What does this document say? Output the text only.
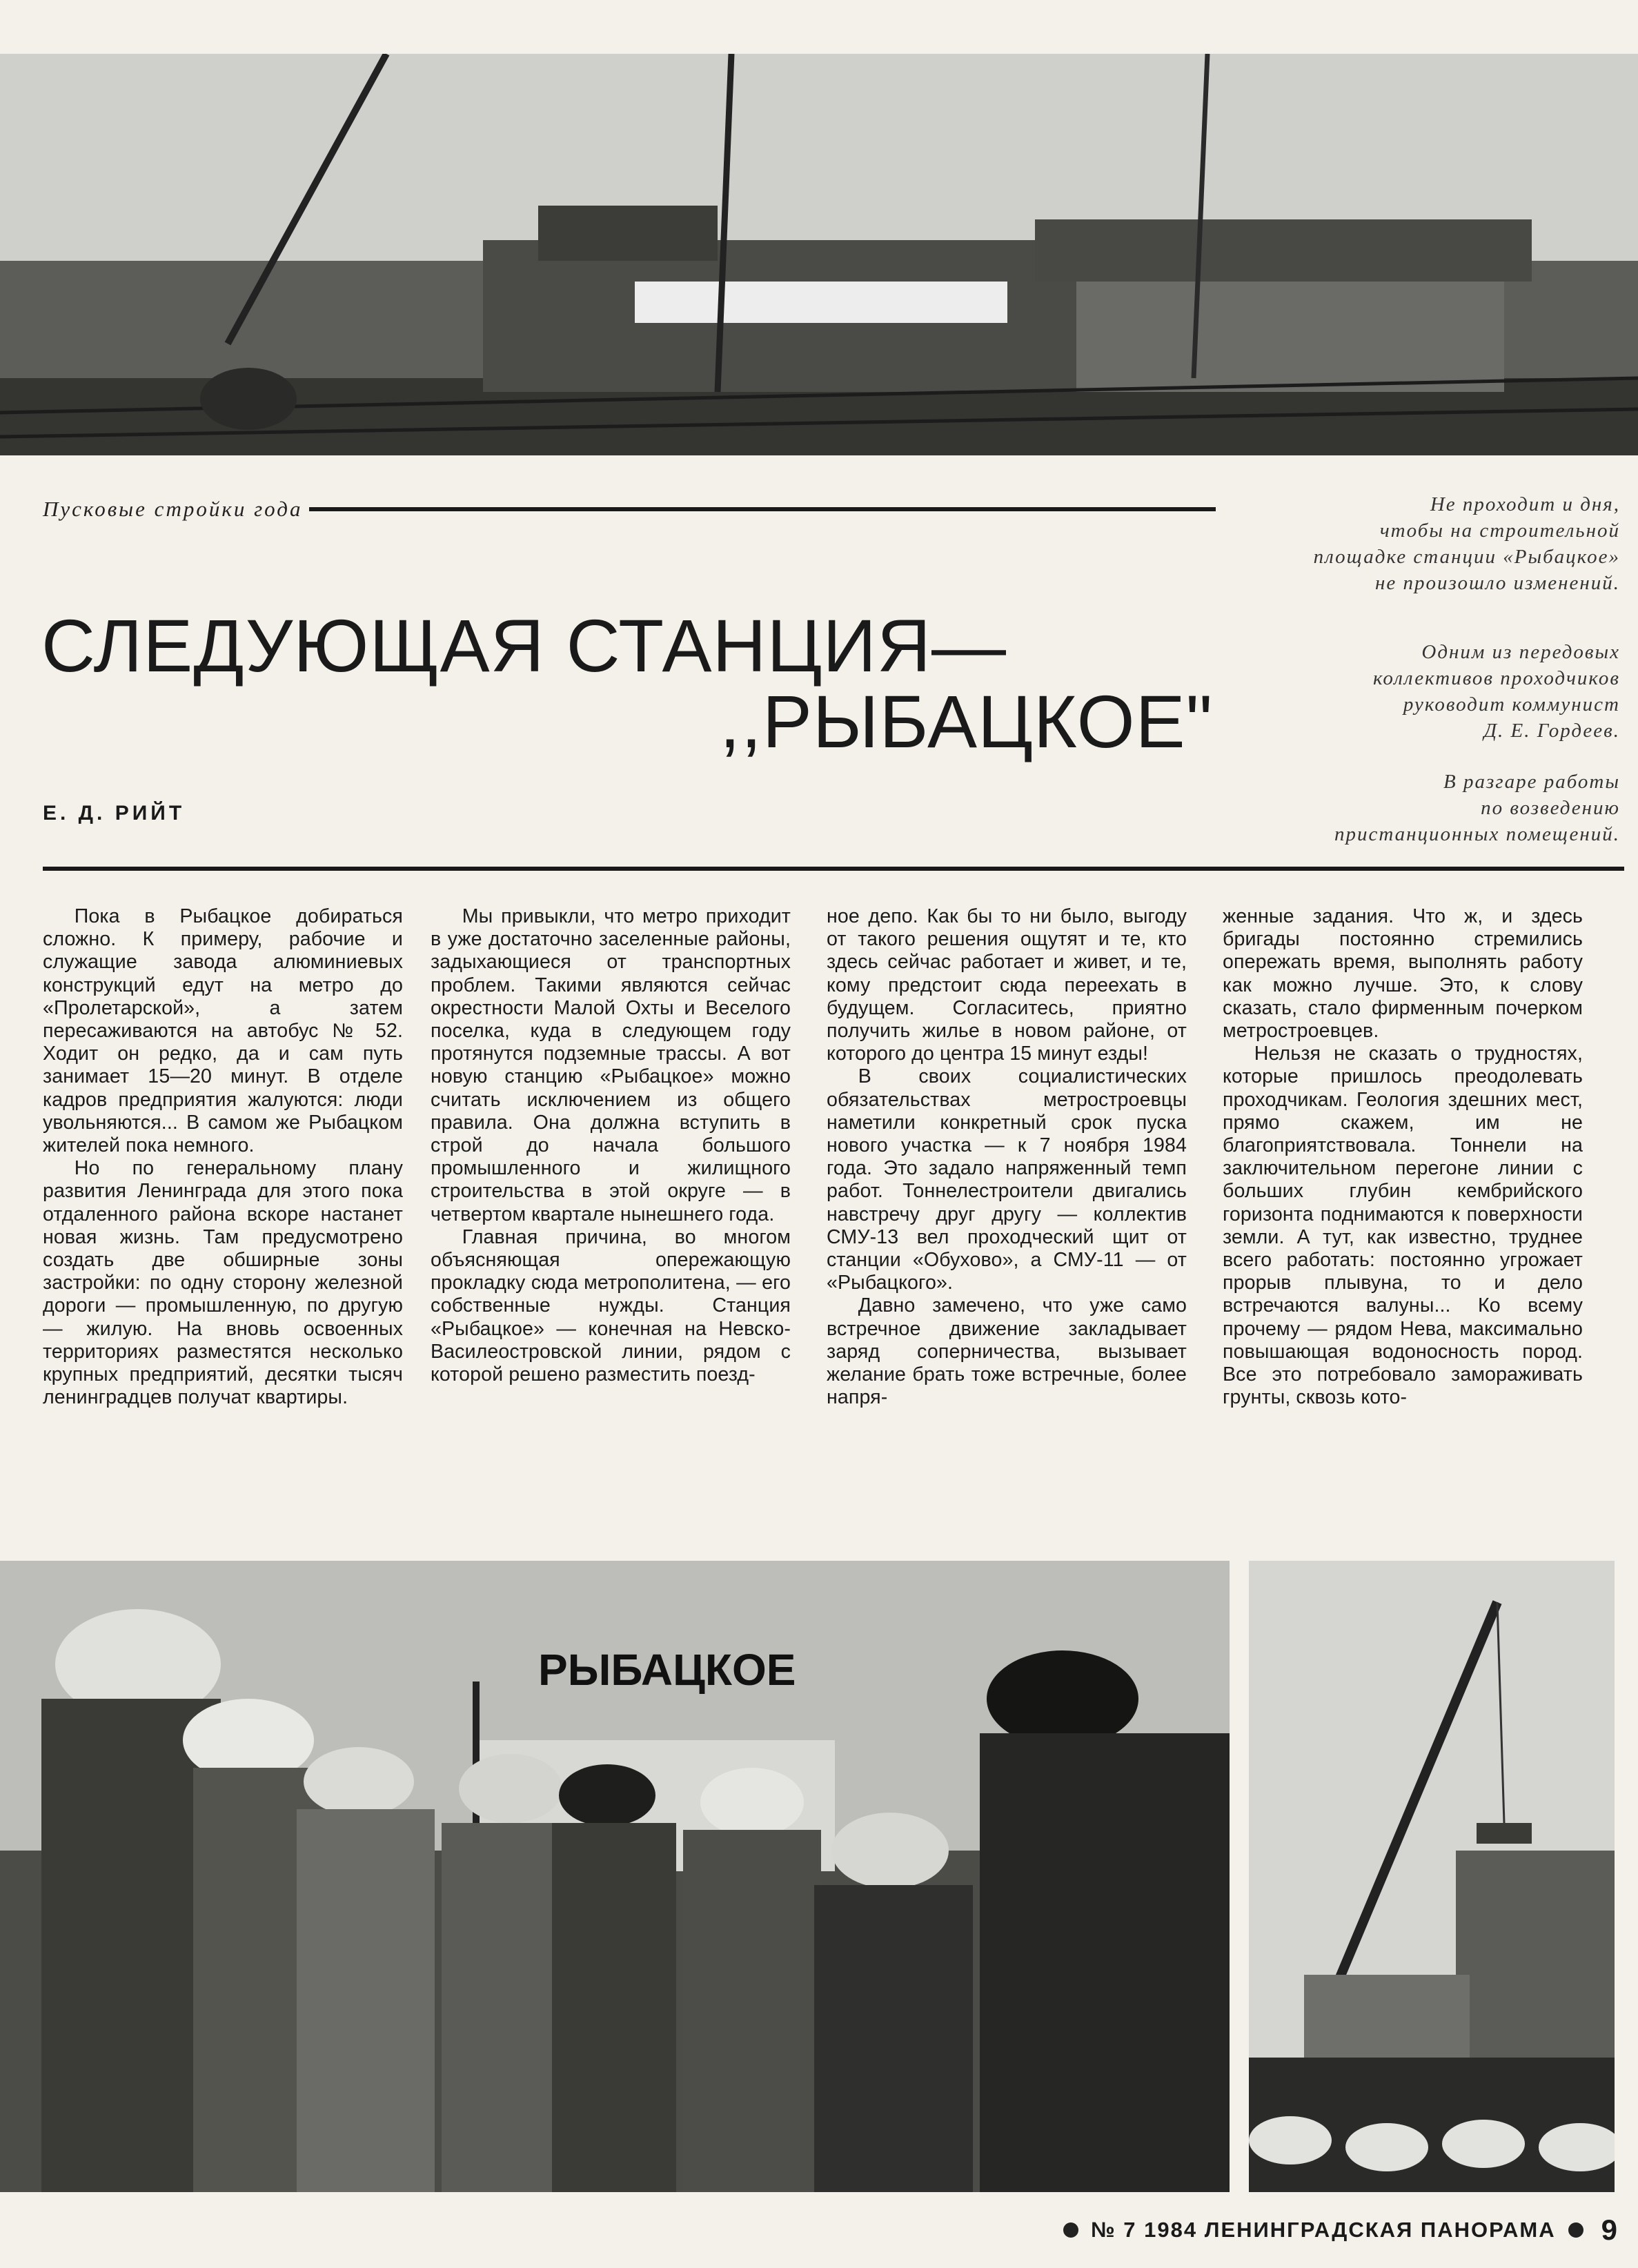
Пусковые стройки года	Не проходит и дня,
чтобы на строительной
площадке станции «Рыбацкое»
не произошло изменений.
Одним из передовых
коллективов проходчиков
руководит коммунист
Д. Е. Гордеев.
В разгаре работы
по возведению
пристанционных помещений.
СЛЕДУЮЩАЯ СТАНЦИЯ—
,,РЫБАЦКОЕ"
Е. Д. РИЙТ

Пока в Рыбацкое добираться сложно. К примеру, рабочие и служащие завода алюминиевых конструкций едут на метро до «Пролетарской», а затем пересаживаются на автобус № 52. Ходит он редко, да и сам путь занимает 15—20 минут. В отделе кадров предприятия жалуются: люди увольняются... В самом же Рыбацком жителей пока немного.

Но по генеральному плану развития Ленинграда для этого пока отдаленного района вскоре настанет новая жизнь. Там предусмотрено создать две обширные зоны застройки: по одну сторону железной дороги — промышленную, по другую — жилую. На вновь освоенных территориях разместятся несколько крупных предприятий, десятки тысяч ленинградцев получат квартиры.

Мы привыкли, что метро приходит в уже достаточно заселенные районы, задыхающиеся от транспортных проблем. Такими являются сейчас окрестности Малой Охты и Веселого поселка, куда в следующем году протянутся подземные трассы. А вот новую станцию «Рыбацкое» можно считать исключением из общего правила. Она должна вступить в строй до начала большого промышленного и жилищного строительства в этой округе — в четвертом квартале нынешнего года.

Главная причина, во многом объясняющая опережающую прокладку сюда метрополитена, — его собственные нужды. Станция «Рыбацкое» — конечная на Невско-Василеостровской линии, рядом с которой решено разместить поезд-

ное депо. Как бы то ни было, выгоду от такого решения ощутят и те, кто здесь сейчас работает и живет, и те, кому предстоит сюда переехать в будущем. Согласитесь, приятно получить жилье в новом районе, от которого до центра 15 минут езды!

В своих социалистических обязательствах метростроевцы наметили конкретный срок пуска нового участка — к 7 ноября 1984 года. Это задало напряженный темп работ. Тоннелестроители двигались навстречу друг другу — коллектив СМУ-13 вел проходческий щит от станции «Обухово», а СМУ-11 — от «Рыбацкого».

Давно замечено, что уже само встречное движение закладывает заряд соперничества, вызывает желание брать тоже встречные, более напря-

женные задания. Что ж, и здесь бригады постоянно стремились опережать время, выполнять работу как можно лучше. Это, к слову сказать, стало фирменным почерком метростроевцев.

Нельзя не сказать о трудностях, которые пришлось преодолевать проходчикам. Геология здешних мест, прямо скажем, им не благоприятствовала. Тоннели на заключительном перегоне линии с больших глубин кембрийского горизонта поднимаются к поверхности земли. А тут, как известно, труднее всего работать: постоянно угрожает прорыв плывуна, то и дело встречаются валуны... Ко всему прочему — рядом Нева, максимально повышающая водоносность пород. Все это потребовало замораживать грунты, сквозь кото-

РЫБАЦКОЕ
№ 7 1984 ЛЕНИНГРАДСКАЯ ПАНОРАМА 9
